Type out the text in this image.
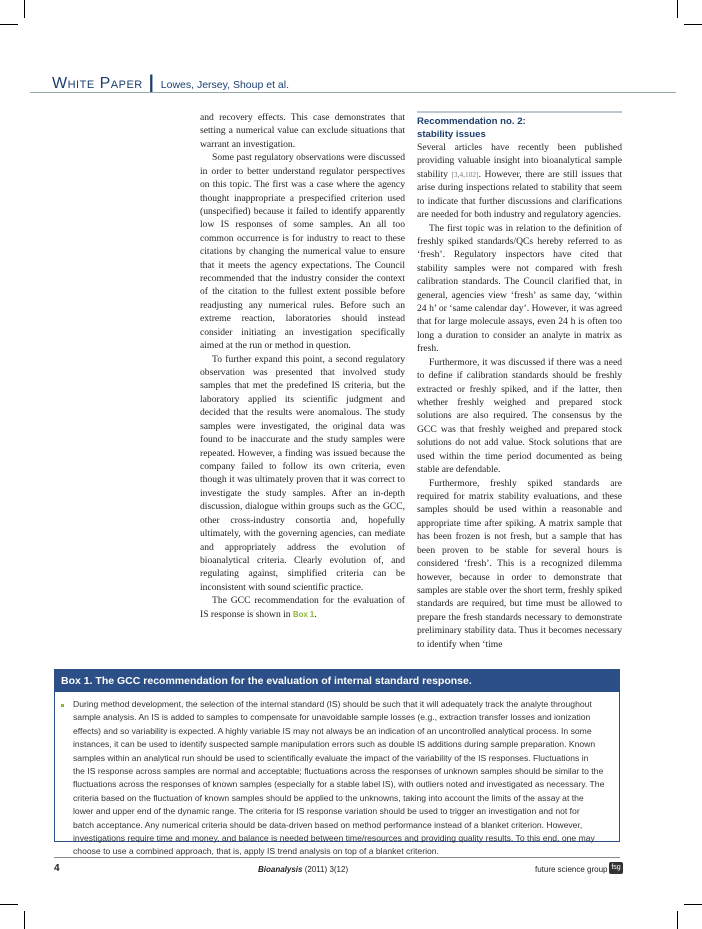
White Paper | Lowes, Jersey, Shoup et al.

and recovery effects. This case demonstrates that setting a numerical value can exclude situations that warrant an investigation.

Some past regulatory observations were discussed in order to better understand regulator perspectives on this topic. The first was a case where the agency thought inappropriate a prespecified criterion used (unspecified) because it failed to identify apparently low IS responses of some samples. An all too common occurrence is for industry to react to these citations by changing the numerical value to ensure that it meets the agency expectations. The Council recommended that the industry consider the context of the citation to the fullest extent possible before readjusting any numerical rules. Before such an extreme reaction, laboratories should instead consider initiating an investigation specifically aimed at the run or method in question.

To further expand this point, a second regulatory observation was presented that involved study samples that met the predefined IS criteria, but the laboratory applied its scientific judgment and decided that the results were anomalous. The study samples were investigated, the original data was found to be inaccurate and the study samples were repeated. However, a finding was issued because the company failed to follow its own criteria, even though it was ultimately proven that it was correct to investigate the study samples. After an in-depth discussion, dialogue within groups such as the GCC, other cross-industry consortia and, hopefully ultimately, with the governing agencies, can mediate and appropriately address the evolution of bioanalytical criteria. Clearly evolution of, and regulating against, simplified criteria can be inconsistent with sound scientific practice.

The GCC recommendation for the evaluation of IS response is shown in Box 1.

Recommendation no. 2:
stability issues

Several articles have recently been published providing valuable insight into bioanalytical sample stability [3,4,102]. However, there are still issues that arise during inspections related to stability that seem to indicate that further discussions and clarifications are needed for both industry and regulatory agencies.

The first topic was in relation to the definition of freshly spiked standards/QCs hereby referred to as ‘fresh’. Regulatory inspectors have cited that stability samples were not compared with fresh calibration standards. The Council clarified that, in general, agencies view ‘fresh’ as same day, ‘within 24 h’ or ‘same calendar day’. However, it was agreed that for large molecule assays, even 24 h is often too long a duration to consider an analyte in matrix as fresh.

Furthermore, it was discussed if there was a need to define if calibration standards should be freshly extracted or freshly spiked, and if the latter, then whether freshly weighed and prepared stock solutions are also required. The consensus by the GCC was that freshly weighed and prepared stock solutions do not add value. Stock solutions that are used within the time period documented as being stable are defendable.

Furthermore, freshly spiked standards are required for matrix stability evaluations, and these samples should be used within a reasonable and appropriate time after spiking. A matrix sample that has been frozen is not fresh, but a sample that has been proven to be stable for several hours is considered ‘fresh’. This is a recognized dilemma however, because in order to demonstrate that samples are stable over the short term, freshly spiked standards are required, but time must be allowed to prepare the fresh standards necessary to demonstrate preliminary stability data. Thus it becomes necessary to identify when ‘time

Box 1. The GCC recommendation for the evaluation of internal standard response.
During method development, the selection of the internal standard (IS) should be such that it will adequately track the analyte throughout
sample analysis. An IS is added to samples to compensate for unavoidable sample losses (e.g., extraction transfer losses and ionization
effects) and so variability is expected. A highly variable IS may not always be an indication of an uncontrolled analytical process. In some
instances, it can be used to identify suspected sample manipulation errors such as double IS additions during sample preparation. Known
samples within an analytical run should be used to scientifically evaluate the impact of the variability of the IS responses. Fluctuations in
the IS response across samples are normal and acceptable; fluctuations across the responses of unknown samples should be similar to the
fluctuations across the responses of known samples (especially for a stable label IS), with outliers noted and investigated as necessary. The
criteria based on the fluctuation of known samples should be applied to the unknowns, taking into account the limits of the assay at the
lower and upper end of the dynamic range. The criteria for IS response variation should be used to trigger an investigation and not for
batch acceptance. Any numerical criteria should be data-driven based on method performance instead of a blanket criterion. However,
investigations require time and money, and balance is needed between time/resources and providing quality results. To this end, one may
choose to use a combined approach, that is, apply IS trend analysis on top of a blanket criterion.
4	Bioanalysis (2011) 3(12)	future science group fsg
